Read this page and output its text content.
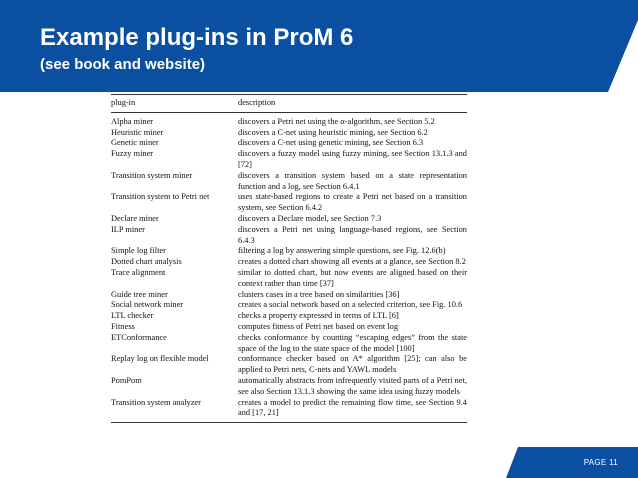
Example plug-ins in ProM 6

(see book and website)

plug-in	description
Alpha miner	discovers a Petri net using the α-algorithm, see Section 5.2
Heuristic miner	discovers a C-net using heuristic mining, see Section 6.2
Genetic miner	discovers a C-net using genetic mining, see Section 6.3
Fuzzy miner	discovers a fuzzy model using fuzzy mining, see Section 13.1.3 and [72]
Transition system miner	discovers a transition system based on a state representation function and a log, see Section 6.4.1
Transition system to Petri net	uses state-based regions to create a Petri net based on a transition system, see Section 6.4.2
Declare miner	discovers a Declare model, see Section 7.3
ILP miner	discovers a Petri net using language-based regions, see Section 6.4.3
Simple log filter	filtering a log by answering simple questions, see Fig. 12.6(b)
Dotted chart analysis	creates a dotted chart showing all events at a glance, see Section 8.2
Trace alignment	similar to dotted chart, but now events are aligned based on their context rather than time [37]
Guide tree miner	clusters cases in a tree based on similarities [36]
Social network miner	creates a social network based on a selected criterion, see Fig. 10.6
LTL checker	checks a property expressed in terms of LTL [6]
Fitness	computes fitness of Petri net based on event log
ETConformance	checks conformance by counting “escaping edges” from the state space of the log to the state space of the model [100]
Replay log on flexible model	conformance checker based on A* algorithm [25]; can also be applied to Petri nets, C-nets and YAWL models
PomPom	automatically abstracts from infrequently visited parts of a Petri net, see also Section 13.1.3 showing the same idea using fuzzy models
Transition system analyzer	creates a model to predict the remaining flow time, see Section 9.4 and [17, 21]
PAGE 11
